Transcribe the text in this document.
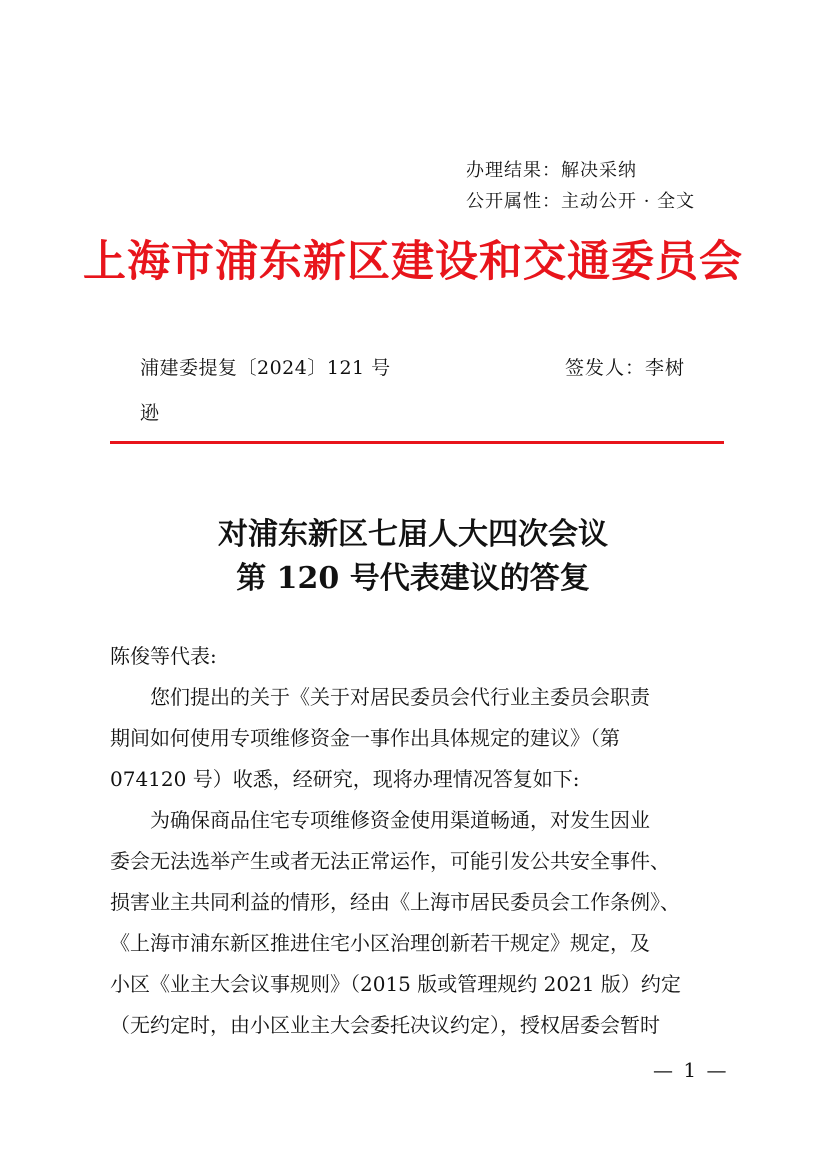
办理结果：解决采纳
公开属性：主动公开 · 全文
上海市浦东新区建设和交通委员会
浦建委提复〔2024〕121 号	签发人：李树
逊
对浦东新区七届人大四次会议
第 120 号代表建议的答复
陈俊等代表:
您们提出的关于《关于对居民委员会代行业主委员会职责
期间如何使用专项维修资金一事作出具体规定的建议》（第
074120 号）收悉，经研究，现将办理情况答复如下:
为确保商品住宅专项维修资金使用渠道畅通，对发生因业
委会无法选举产生或者无法正常运作，可能引发公共安全事件、
损害业主共同利益的情形，经由《上海市居民委员会工作条例》、
《上海市浦东新区推进住宅小区治理创新若干规定》规定，及
小区《业主大会议事规则》（2015 版或管理规约 2021 版）约定
（无约定时，由小区业主大会委托决议约定），授权居委会暂时
— 1 —
